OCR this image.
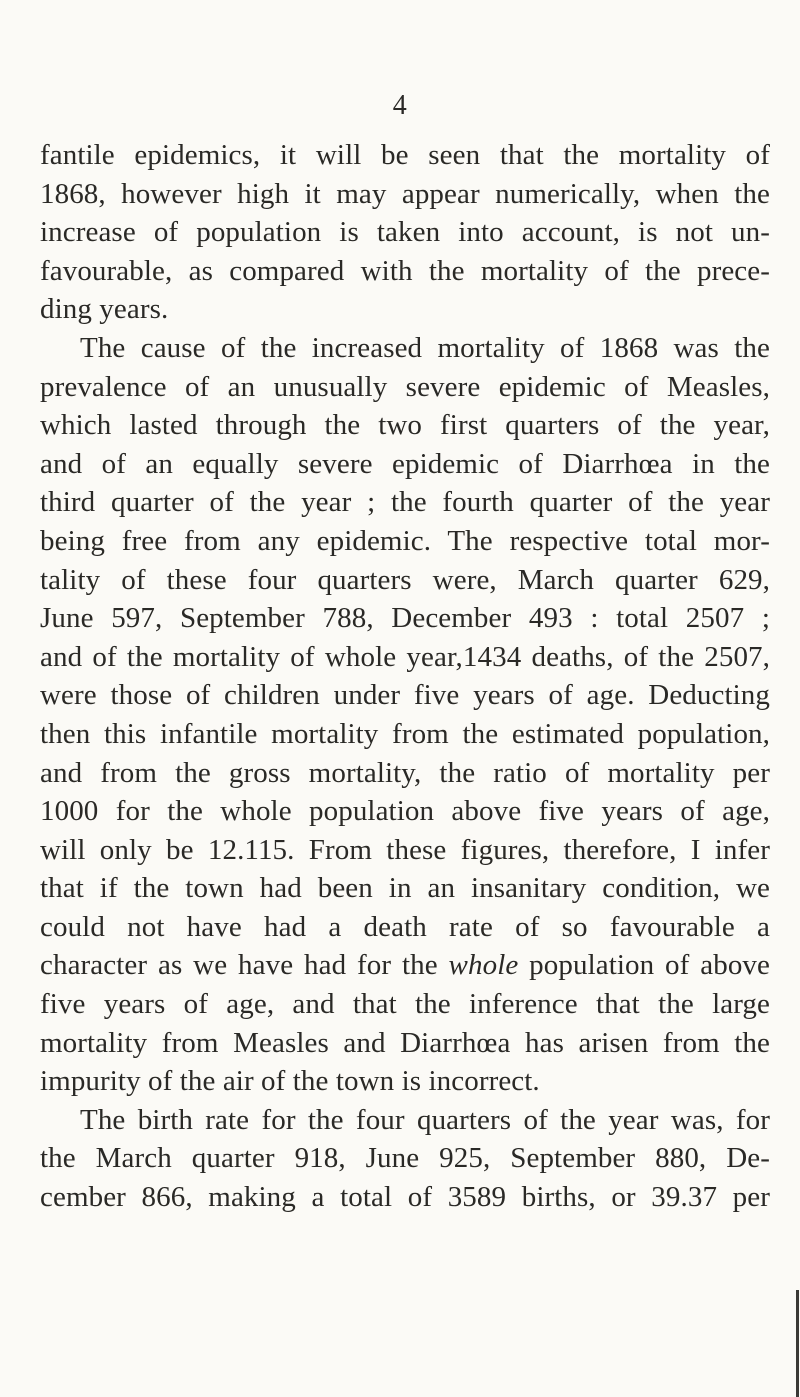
4
fantile epidemics, it will be seen that the mortality of
1868, however high it may appear numerically, when the
increase of population is taken into account, is not un-
favourable, as compared with the mortality of the prece-
ding years.
The cause of the increased mortality of 1868 was the
prevalence of an unusually severe epidemic of Measles,
which lasted through the two first quarters of the year,
and of an equally severe epidemic of Diarrhœa in the
third quarter of the year ; the fourth quarter of the year
being free from any epidemic. The respective total mor-
tality of these four quarters were, March quarter 629,
June 597, September 788, December 493 : total 2507 ;
and of the mortality of whole year,1434 deaths, of the 2507,
were those of children under five years of age. Deducting
then this infantile mortality from the estimated population,
and from the gross mortality, the ratio of mortality per
1000 for the whole population above five years of age,
will only be 12.115. From these figures, therefore, I infer
that if the town had been in an insanitary condition, we
could not have had a death rate of so favourable a
character as we have had for the whole population of above
five years of age, and that the inference that the large
mortality from Measles and Diarrhœa has arisen from the
impurity of the air of the town is incorrect.
The birth rate for the four quarters of the year was, for
the March quarter 918, June 925, September 880, De-
cember 866, making a total of 3589 births, or 39.37 per
